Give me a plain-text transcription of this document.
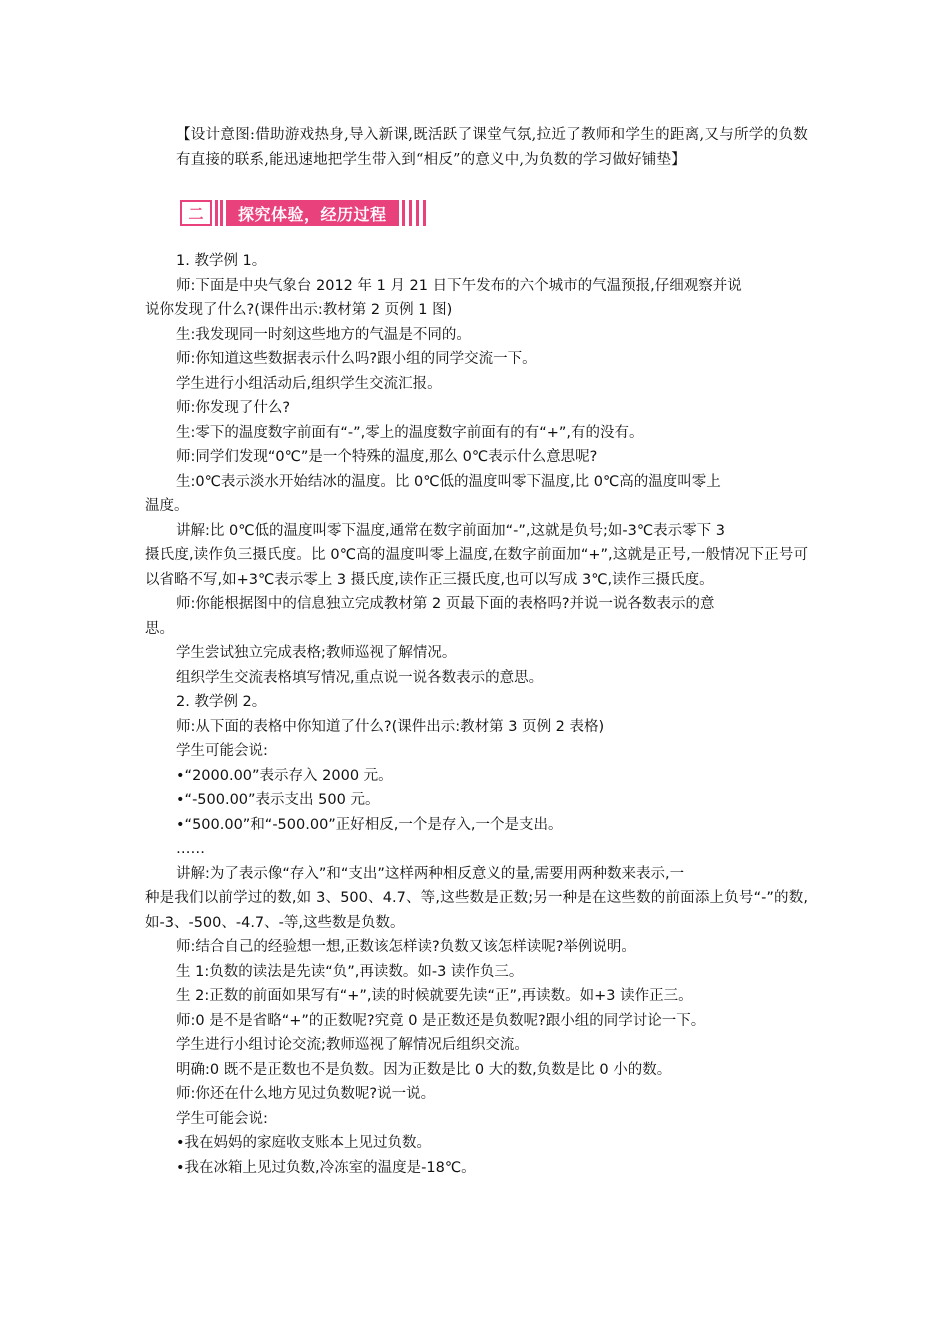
【设计意图:借助游戏热身,导入新课,既活跃了课堂气氛,拉近了教师和学生的距离,又与所学的负数有直接的联系,能迅速地把学生带入到“相反”的意义中,为负数的学习做好铺垫】
二	探究体验，经历过程
1. 教学例 1。
师:下面是中央气象台 2012 年 1 月 21 日下午发布的六个城市的气温预报,仔细观察并说
说你发现了什么?(课件出示:教材第 2 页例 1 图)
生:我发现同一时刻这些地方的气温是不同的。
师:你知道这些数据表示什么吗?跟小组的同学交流一下。
学生进行小组活动后,组织学生交流汇报。
师:你发现了什么?
生:零下的温度数字前面有“-”,零上的温度数字前面有的有“+”,有的没有。
师:同学们发现“0℃”是一个特殊的温度,那么 0℃表示什么意思呢?
生:0℃表示淡水开始结冰的温度。比 0℃低的温度叫零下温度,比 0℃高的温度叫零上
温度。
讲解:比 0℃低的温度叫零下温度,通常在数字前面加“-”,这就是负号;如-3℃表示零下 3
摄氏度,读作负三摄氏度。比 0℃高的温度叫零上温度,在数字前面加“+”,这就是正号,一般情况下正号可以省略不写,如+3℃表示零上 3 摄氏度,读作正三摄氏度,也可以写成 3℃,读作三摄氏度。
师:你能根据图中的信息独立完成教材第 2 页最下面的表格吗?并说一说各数表示的意
思。
学生尝试独立完成表格;教师巡视了解情况。
组织学生交流表格填写情况,重点说一说各数表示的意思。
2. 教学例 2。
师:从下面的表格中你知道了什么?(课件出示:教材第 3 页例 2 表格)
学生可能会说:
•“2000.00”表示存入 2000 元。
•“-500.00”表示支出 500 元。
•“500.00”和“-500.00”正好相反,一个是存入,一个是支出。
……
讲解:为了表示像“存入”和“支出”这样两种相反意义的量,需要用两种数来表示,一
种是我们以前学过的数,如 3、500、4.7、等,这些数是正数;另一种是在这些数的前面添上负号“-”的数,如-3、-500、-4.7、-等,这些数是负数。
师:结合自己的经验想一想,正数该怎样读?负数又该怎样读呢?举例说明。
生 1:负数的读法是先读“负”,再读数。如-3 读作负三。
生 2:正数的前面如果写有“+”,读的时候就要先读“正”,再读数。如+3 读作正三。
师:0 是不是省略“+”的正数呢?究竟 0 是正数还是负数呢?跟小组的同学讨论一下。
学生进行小组讨论交流;教师巡视了解情况后组织交流。
明确:0 既不是正数也不是负数。因为正数是比 0 大的数,负数是比 0 小的数。
师:你还在什么地方见过负数呢?说一说。
学生可能会说:
•我在妈妈的家庭收支账本上见过负数。
•我在冰箱上见过负数,冷冻室的温度是-18℃。
